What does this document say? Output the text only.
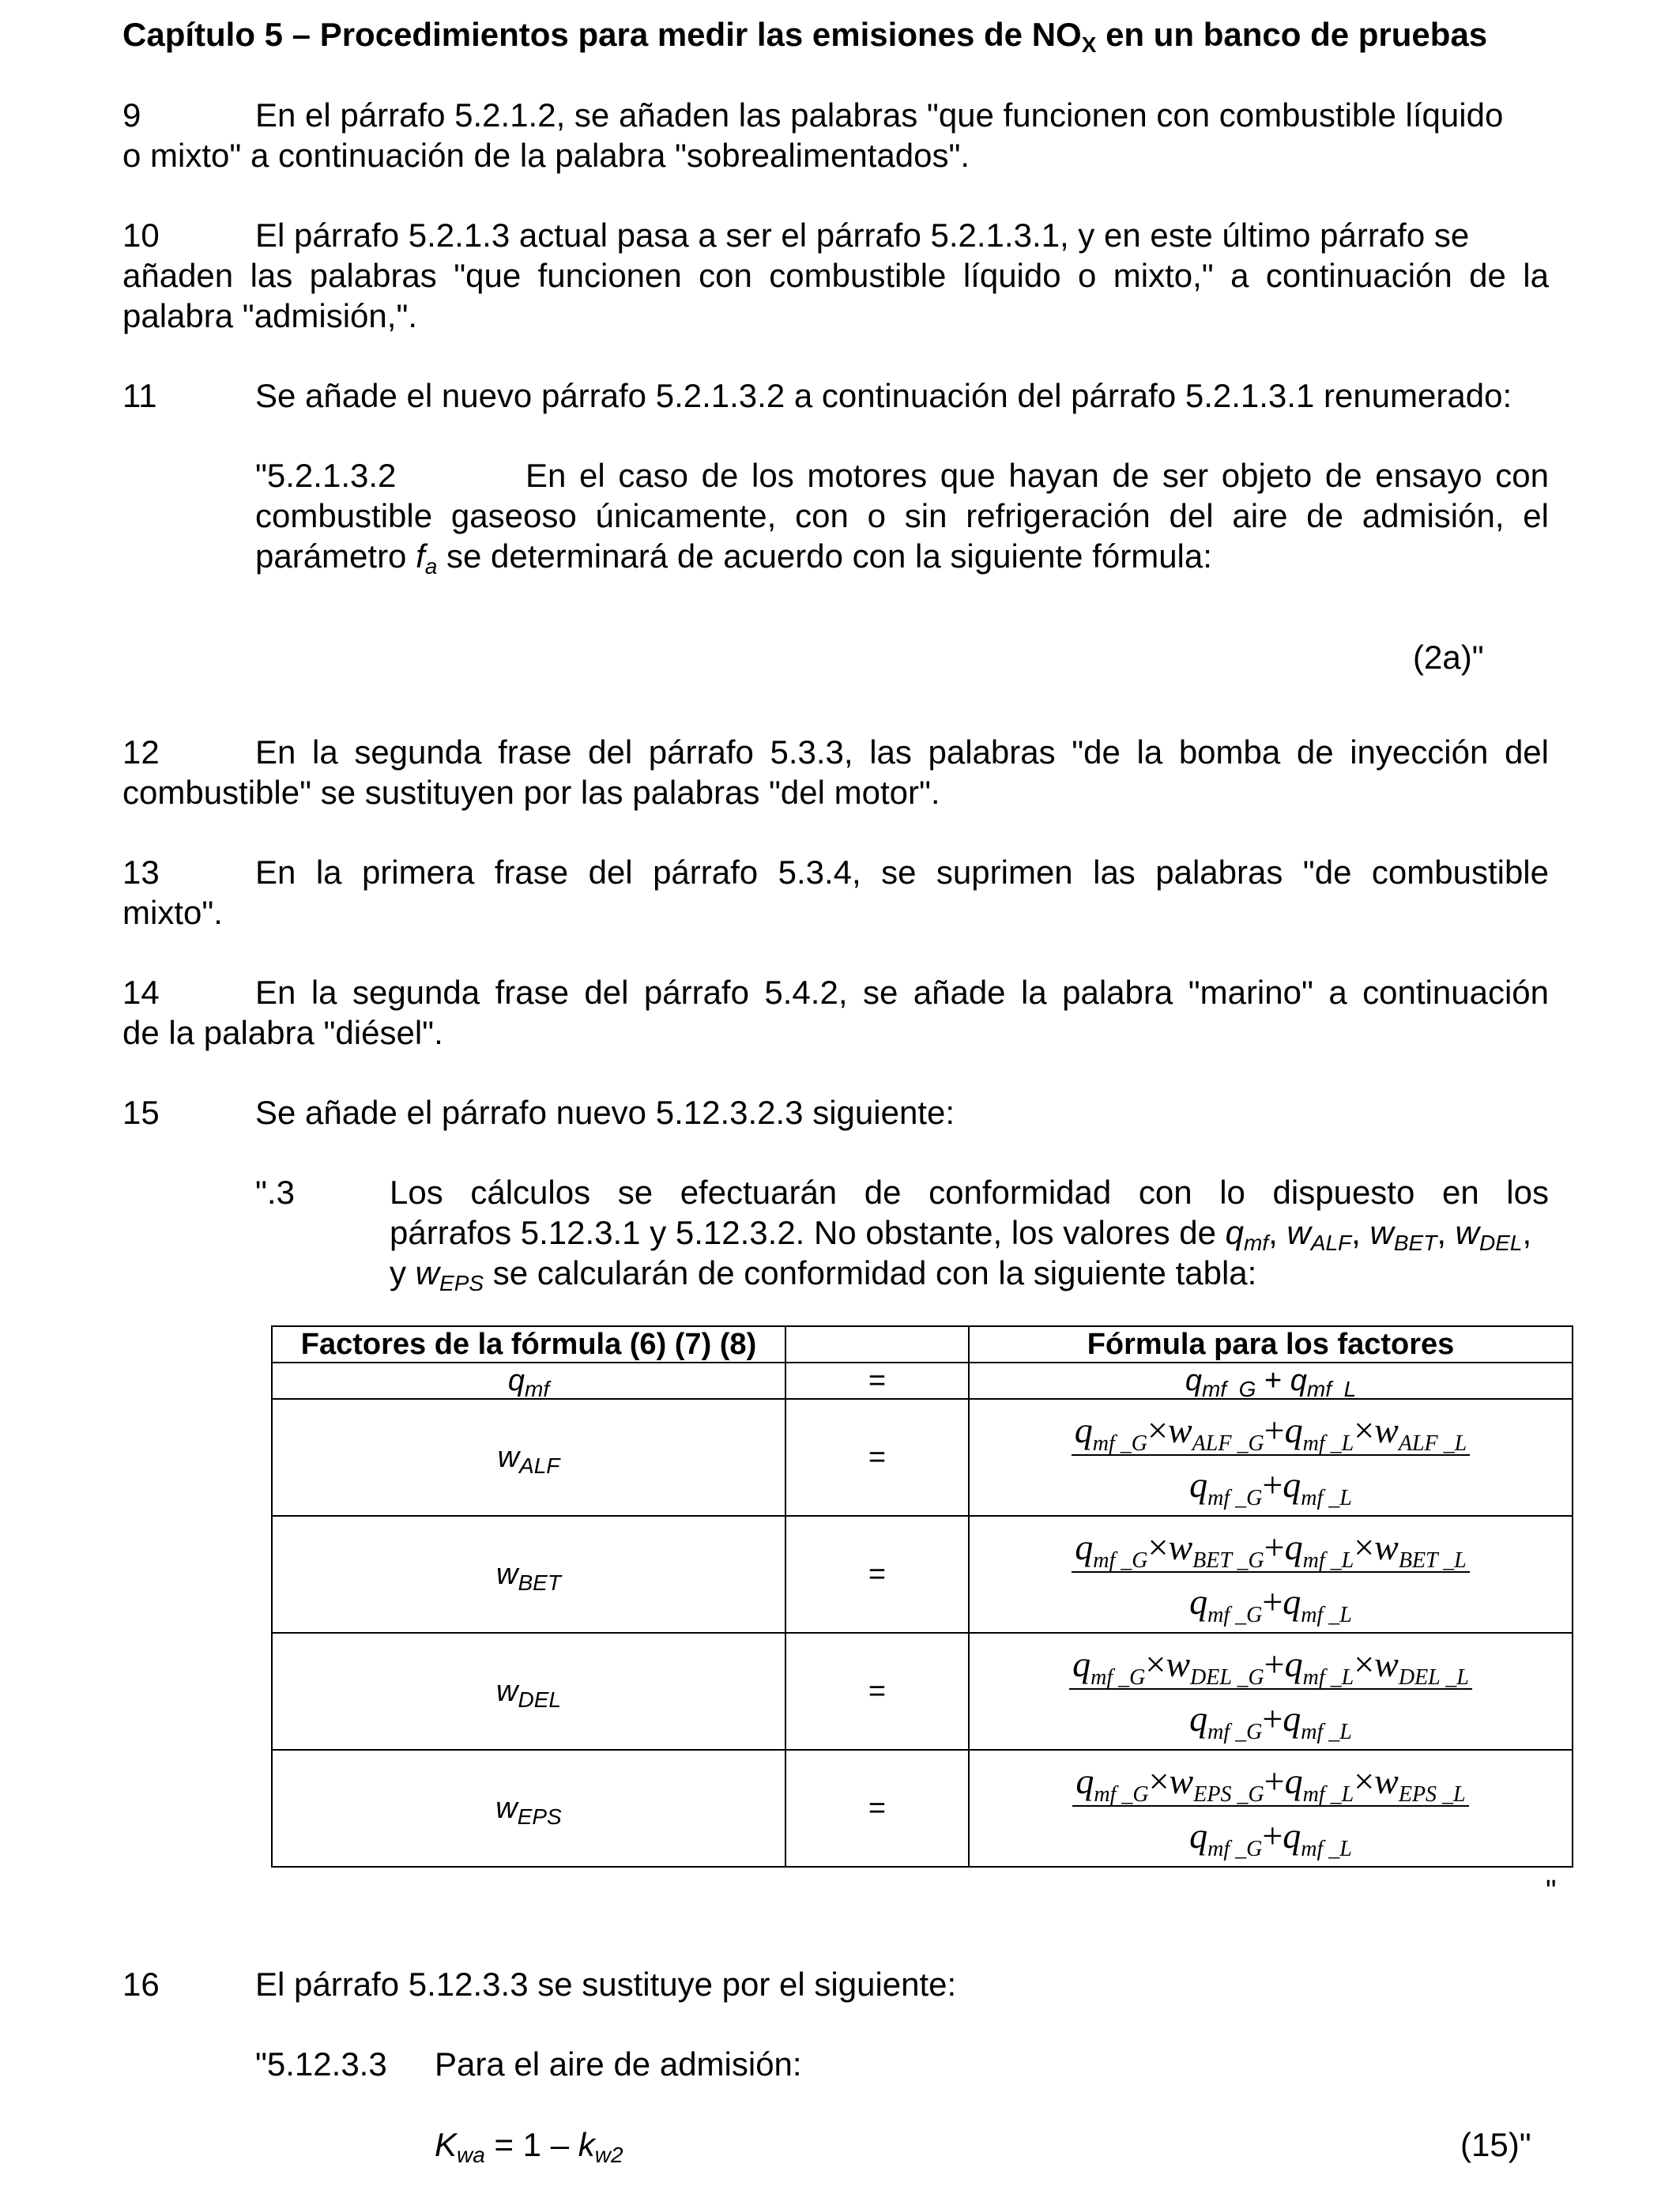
Capítulo 5 – Procedimientos para medir las emisiones de $NO_X$ en un banco de pruebas
9	En el párrafo 5.2.1.2, se añaden las palabras "que funcionen con combustible líquido
o mixto" a continuación de la palabra "sobrealimentados".
10	El párrafo 5.2.1.3 actual pasa a ser el párrafo 5.2.1.3.1, y en este último párrafo se
añaden las palabras "que funcionen con combustible líquido o mixto," a continuación de la
palabra "admisión,".
11	Se añade el nuevo párrafo 5.2.1.3.2 a continuación del párrafo 5.2.1.3.1 renumerado:
"5.2.1.3.2	En el caso de los motores que hayan de ser objeto de ensayo con
combustible gaseoso únicamente, con o sin refrigeración del aire de admisión, el
parámetro $f_a$ se determinará de acuerdo con la siguiente fórmula:
(2a)"
12	En la segunda frase del párrafo 5.3.3, las palabras "de la bomba de inyección del
combustible" se sustituyen por las palabras "del motor".
13	En la primera frase del párrafo 5.3.4, se suprimen las palabras "de combustible
mixto".
14	En la segunda frase del párrafo 5.4.2, se añade la palabra "marino" a continuación
de la palabra "diésel".
15	Se añade el párrafo nuevo 5.12.3.2.3 siguiente:
".3	Los cálculos se efectuarán de conformidad con lo dispuesto en los
párrafos 5.12.3.1 y 5.12.3.2. No obstante, los valores de $q_{mf}$, $w_{ALF}$, $w_{BET}$, $w_{DEL}$,
y $w_{EPS}$ se calcularán de conformidad con la siguiente tabla:
Factores de la fórmula (6) (7) (8)		Fórmula para los factores
$q_{mf}$	=	$q_{mf\_G} + q_{mf\_L}$
$w_{ALF}$	=	$\frac{q_{mf \_G}\times w_{ALF \_G}+q_{mf \_L}\times w_{ALF \_L}}{q_{mf \_G}+q_{mf \_L}}$

$w_{BET}$	=	$\frac{q_{mf \_G}\times w_{BET \_G}+q_{mf \_L}\times w_{BET \_L}}{q_{mf \_G}+q_{mf \_L}}$

$w_{DEL}$	=	$\frac{q_{mf \_G}\times w_{DEL \_G}+q_{mf \_L}\times w_{DEL \_L}}{q_{mf \_G}+q_{mf \_L}}$

$w_{EPS}$	=	$\frac{q_{mf \_G}\times w_{EPS \_G}+q_{mf \_L}\times w_{EPS \_L}}{q_{mf \_G}+q_{mf \_L}}$
"
16	El párrafo 5.12.3.3 se sustituye por el siguiente:
"5.12.3.3 Para el aire de admisión:
$K_{wa} = 1 - k_{w2}$	(15)"
